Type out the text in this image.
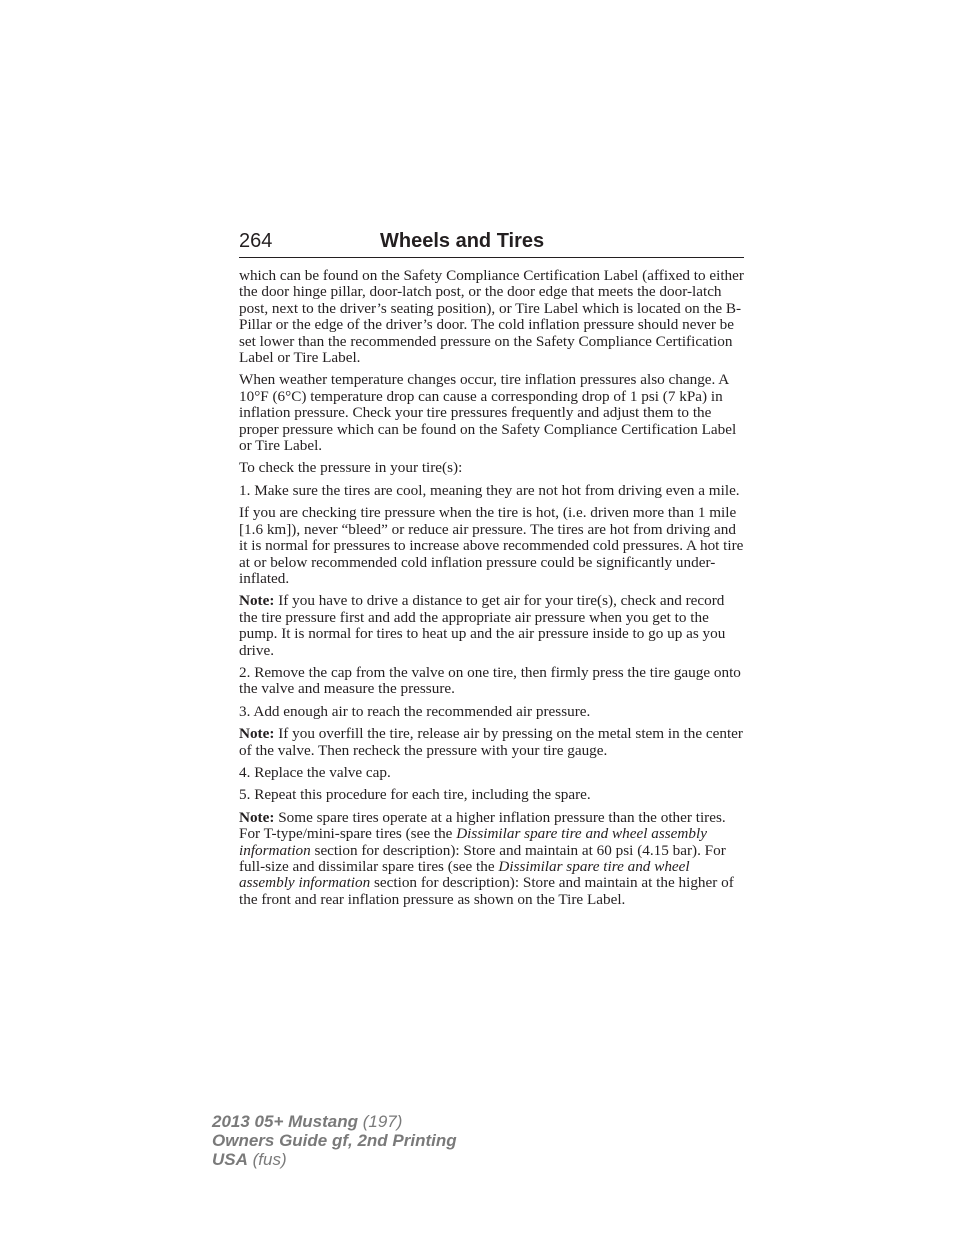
264	Wheels and Tires

which can be found on the Safety Compliance Certification Label (affixed to either the door hinge pillar, door-latch post, or the door edge that meets the door-latch post, next to the driver’s seating position), or Tire Label which is located on the B-Pillar or the edge of the driver’s door. The cold inflation pressure should never be set lower than the recommended pressure on the Safety Compliance Certification Label or Tire Label.

When weather temperature changes occur, tire inflation pressures also change. A 10°F (6°C) temperature drop can cause a corresponding drop of 1 psi (7 kPa) in inflation pressure. Check your tire pressures frequently and adjust them to the proper pressure which can be found on the Safety Compliance Certification Label or Tire Label.

To check the pressure in your tire(s):

1. Make sure the tires are cool, meaning they are not hot from driving even a mile.

If you are checking tire pressure when the tire is hot, (i.e. driven more than 1 mile [1.6 km]), never “bleed” or reduce air pressure. The tires are hot from driving and it is normal for pressures to increase above recommended cold pressures. A hot tire at or below recommended cold inflation pressure could be significantly under-inflated.

Note: If you have to drive a distance to get air for your tire(s), check and record the tire pressure first and add the appropriate air pressure when you get to the pump. It is normal for tires to heat up and the air pressure inside to go up as you drive.

2. Remove the cap from the valve on one tire, then firmly press the tire gauge onto the valve and measure the pressure.

3. Add enough air to reach the recommended air pressure.

Note: If you overfill the tire, release air by pressing on the metal stem in the center of the valve. Then recheck the pressure with your tire gauge.

4. Replace the valve cap.

5. Repeat this procedure for each tire, including the spare.

Note: Some spare tires operate at a higher inflation pressure than the other tires. For T-type/mini-spare tires (see the Dissimilar spare tire and wheel assembly information section for description): Store and maintain at 60 psi (4.15 bar). For full-size and dissimilar spare tires (see the Dissimilar spare tire and wheel assembly information section for description): Store and maintain at the higher of the front and rear inflation pressure as shown on the Tire Label.

2013 05+ Mustang (197)
Owners Guide gf, 2nd Printing
USA (fus)
